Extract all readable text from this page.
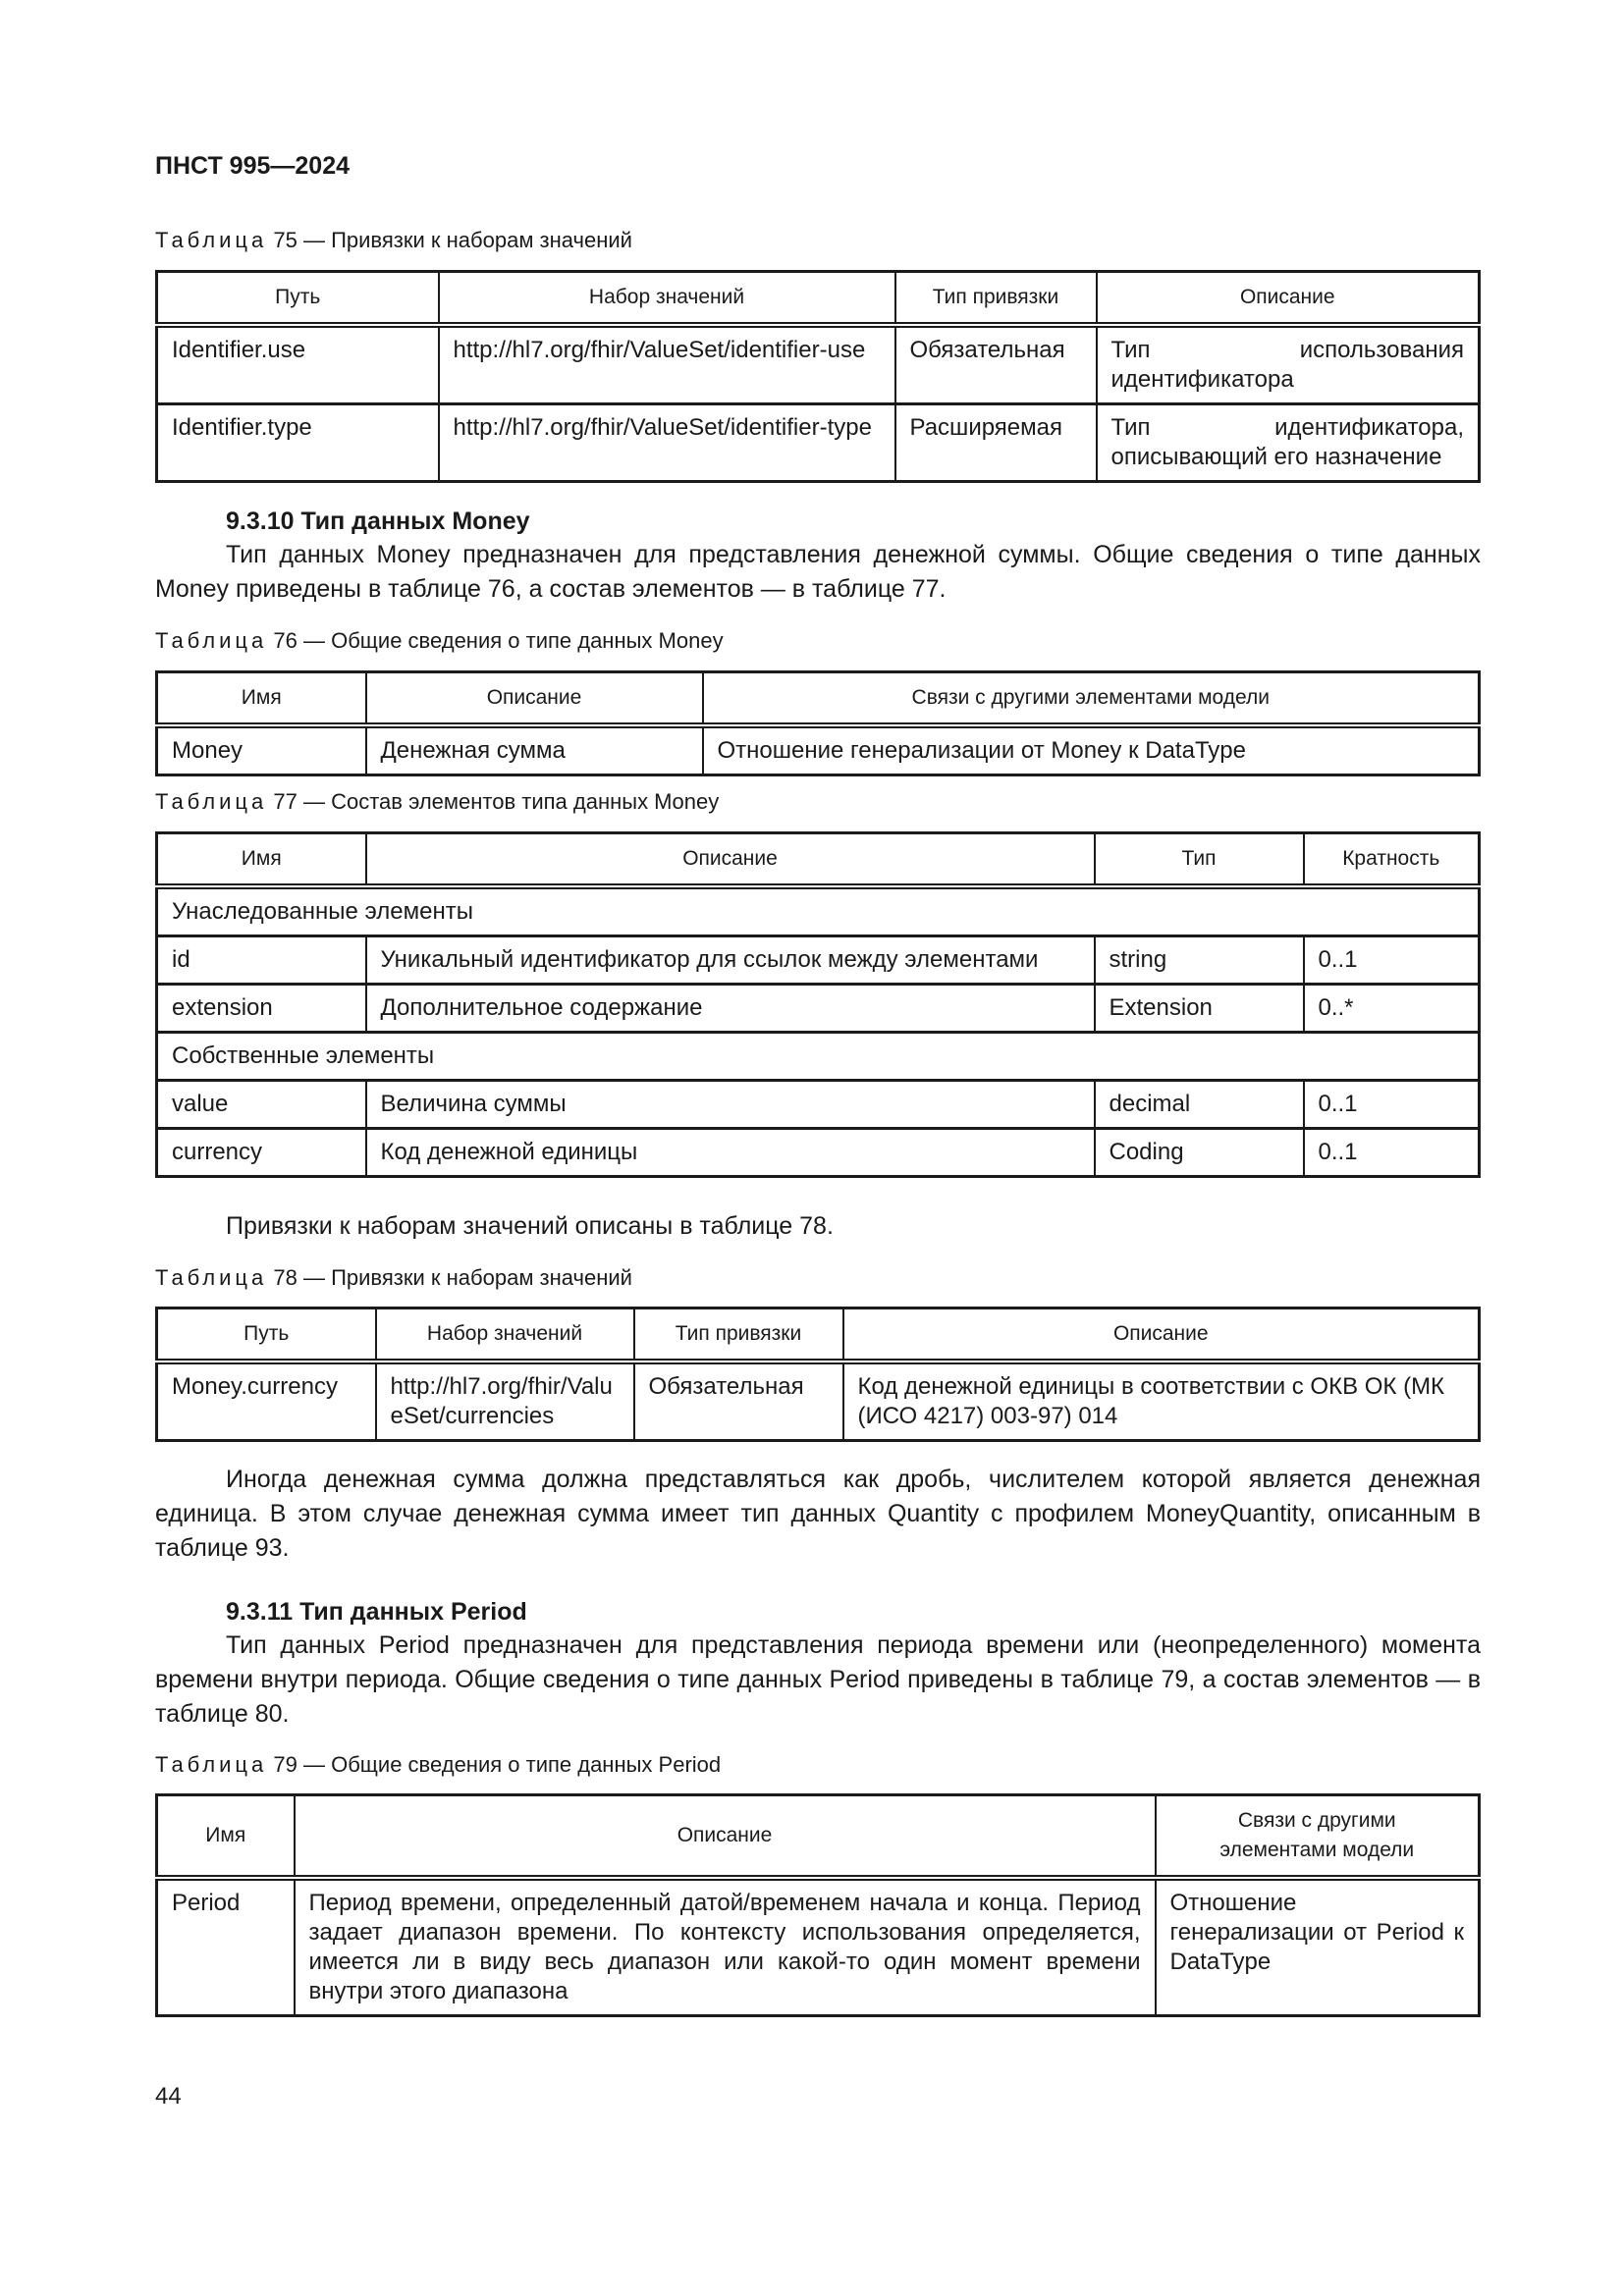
ПНСТ 995—2024
Таблица 75 — Привязки к наборам значений
Путь	Набор значений	Тип привязки	Описание
Identifier.use	http://hl7.org/fhir/ValueSet/identifier-use	Обязательная	Тип использования идентификатора
Identifier.type	http://hl7.org/fhir/ValueSet/identifier-type	Расширяемая	Тип идентификатора, описывающий его назначение
9.3.10 Тип данных Money
Тип данных Money предназначен для представления денежной суммы. Общие сведения о типе данных Money приведены в таблице 76, а состав элементов — в таблице 77.
Таблица 76 — Общие сведения о типе данных Money
Имя	Описание	Связи с другими элементами модели
Money	Денежная сумма	Отношение генерализации от Money к DataType
Таблица 77 — Состав элементов типа данных Money
Имя	Описание	Тип	Кратность
Унаследованные элементы			
id	Уникальный идентификатор для ссылок между элементами	string	0..1
extension	Дополнительное содержание	Extension	0..*
Собственные элементы			
value	Величина суммы	decimal	0..1
currency	Код денежной единицы	Coding	0..1
Привязки к наборам значений описаны в таблице 78.
Таблица 78 — Привязки к наборам значений
Путь	Набор значений	Тип привязки	Описание
Money.currency	http://hl7.org/fhir/ValueSet/currencies	Обязательная	Код денежной единицы в соответствии с ОКВ ОК (МК (ИСО 4217) 003-97) 014
Иногда денежная сумма должна представляться как дробь, числителем которой является денежная единица. В этом случае денежная сумма имеет тип данных Quantity с профилем MoneyQuantity, описанным в таблице 93.
9.3.11 Тип данных Period
Тип данных Period предназначен для представления периода времени или (неопределенного) момента времени внутри периода. Общие сведения о типе данных Period приведены в таблице 79, а состав элементов — в таблице 80.
Таблица 79 — Общие сведения о типе данных Period
Имя	Описание	Связи с другими элементами модели
Period	Период времени, определенный датой/временем начала и конца. Период задает диапазон времени. По контексту использования определяется, имеется ли в виду весь диапазон или какой-то один момент времени внутри этого диапазона	Отношение генерализации от Period к DataType
44
